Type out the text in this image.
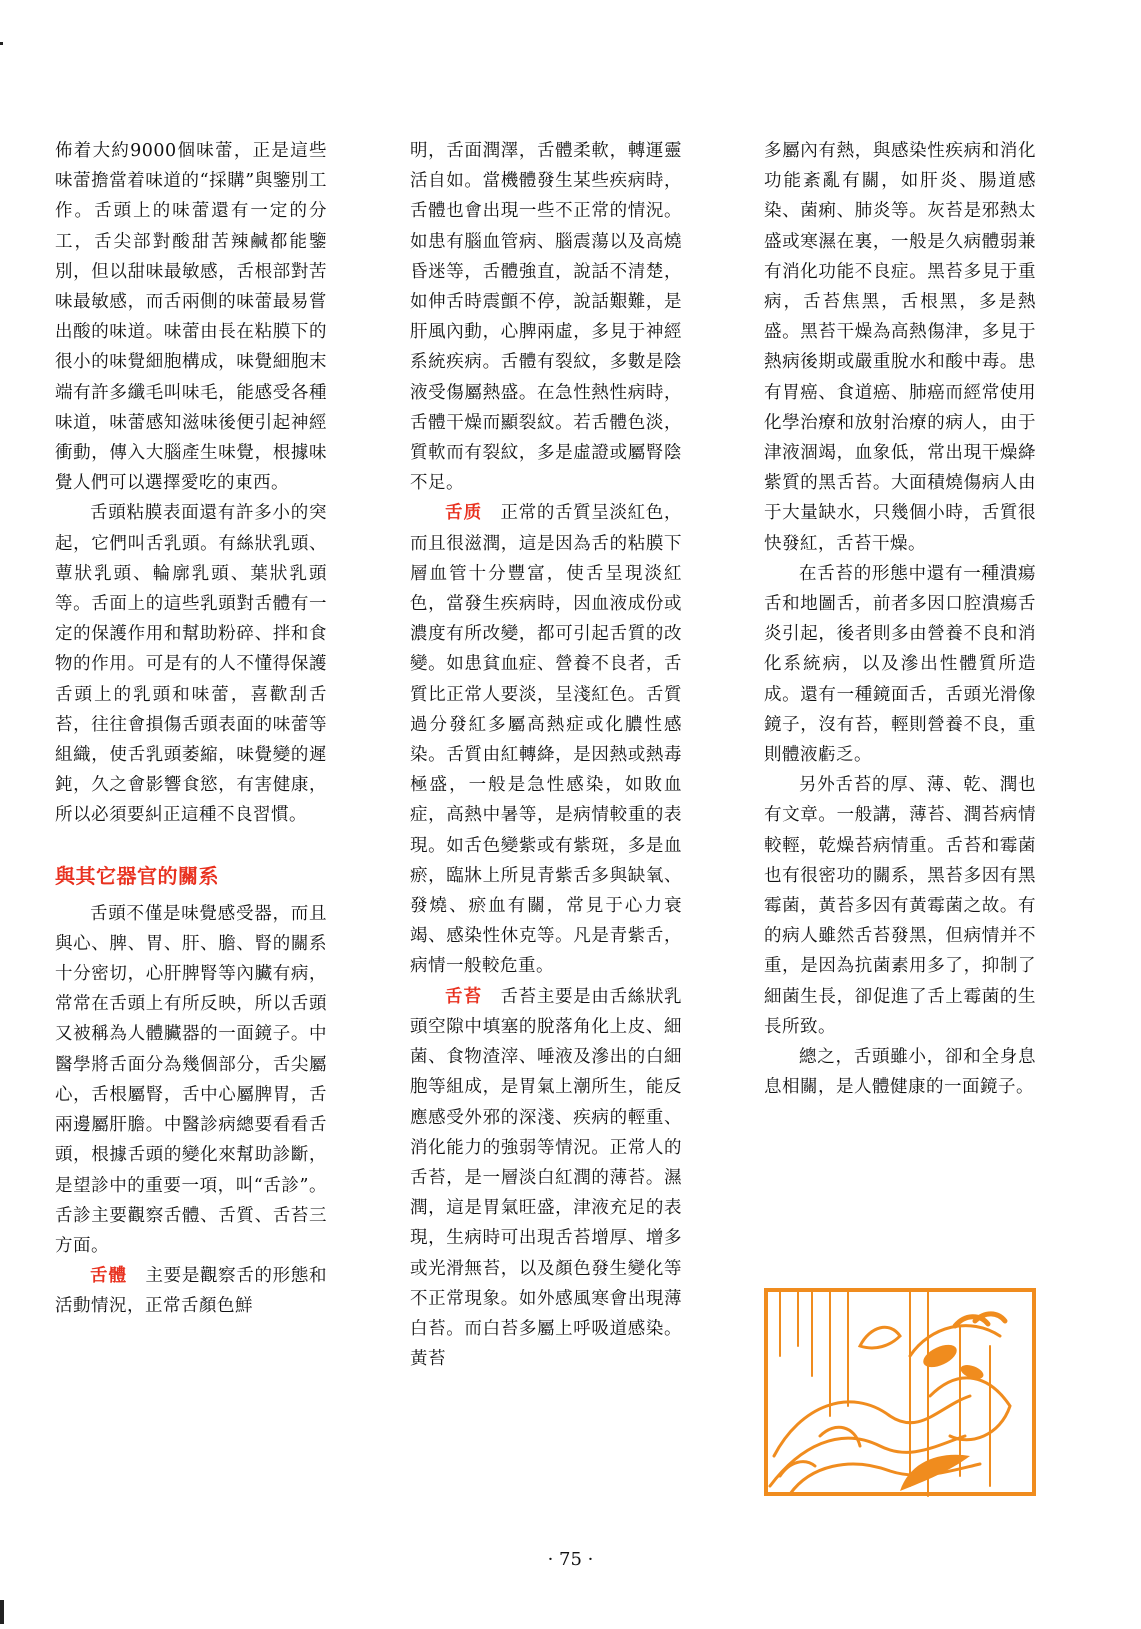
佈着大約9000個味蕾，正是這些味蕾擔當着味道的“採購”與鑒別工作。舌頭上的味蕾還有一定的分工，舌尖部對酸甜苦辣鹹都能鑒別，但以甜味最敏感，舌根部對苦味最敏感，而舌兩側的味蕾最易嘗出酸的味道。味蕾由長在粘膜下的很小的味覺細胞構成，味覺細胞末端有許多纖毛叫味毛，能感受各種味道，味蕾感知滋味後便引起神經衝動，傳入大腦產生味覺，根據味覺人們可以選擇愛吃的東西。

舌頭粘膜表面還有許多小的突起，它們叫舌乳頭。有絲狀乳頭、蕈狀乳頭、輪廓乳頭、葉狀乳頭等。舌面上的這些乳頭對舌體有一定的保護作用和幫助粉碎、拌和食物的作用。可是有的人不懂得保護舌頭上的乳頭和味蕾，喜歡刮舌苔，往往會損傷舌頭表面的味蕾等組織，使舌乳頭萎縮，味覺變的遲鈍，久之會影響食慾，有害健康，所以必須要糾正這種不良習慣。

與其它器官的關系

舌頭不僅是味覺感受器，而且與心、脾、胃、肝、膽、腎的關系十分密切，心肝脾腎等內臟有病，常常在舌頭上有所反映，所以舌頭又被稱為人體臟器的一面鏡子。中醫學將舌面分為幾個部分，舌尖屬心，舌根屬腎，舌中心屬脾胃，舌兩邊屬肝膽。中醫診病總要看看舌頭，根據舌頭的變化來幫助診斷，是望診中的重要一項，叫“舌診”。舌診主要觀察舌體、舌質、舌苔三方面。

舌體　 主要是觀察舌的形態和活動情況，正常舌顏色鮮

明，舌面潤澤，舌體柔軟，轉運靈活自如。當機體發生某些疾病時，舌體也會出現一些不正常的情況。如患有腦血管病、腦震蕩以及高燒昏迷等，舌體強直，說話不清楚，如伸舌時震顫不停，說話艱難，是肝風內動，心脾兩虛，多見于神經系統疾病。舌體有裂紋，多數是陰液受傷屬熱盛。在急性熱性病時，舌體干燥而顯裂紋。若舌體色淡，質軟而有裂紋，多是虛證或屬腎陰不足。

舌质　 正常的舌質呈淡紅色，而且很滋潤，這是因為舌的粘膜下層血管十分豐富，使舌呈現淡紅色，當發生疾病時，因血液成份或濃度有所改變，都可引起舌質的改變。如患貧血症、營養不良者，舌質比正常人要淡，呈淺紅色。舌質過分發紅多屬高熱症或化膿性感染。舌質由紅轉絳，是因熱或熱毒極盛，一般是急性感染，如敗血症，高熱中暑等，是病情較重的表現。如舌色變紫或有紫斑，多是血瘀，臨牀上所見青紫舌多與缺氧、發燒、瘀血有關，常見于心力衰竭、感染性休克等。凡是青紫舌，病情一般較危重。

舌苔　 舌苔主要是由舌絲狀乳頭空隙中填塞的脫落角化上皮、細菌、食物渣滓、唾液及滲出的白細胞等組成，是胃氣上潮所生，能反應感受外邪的深淺、疾病的輕重、消化能力的強弱等情況。正常人的舌苔，是一層淡白紅潤的薄苔。濕潤，這是胃氣旺盛，津液充足的表現，生病時可出現舌苔增厚、增多或光滑無苔，以及顏色發生變化等不正常現象。如外感風寒會出現薄白苔。而白苔多屬上呼吸道感染。黃苔

多屬內有熱，與感染性疾病和消化功能紊亂有關，如肝炎、腸道感染、菌痢、肺炎等。灰苔是邪熱太盛或寒濕在裏，一般是久病體弱兼有消化功能不良症。黑苔多見于重病，舌苔焦黑，舌根黑，多是熱盛。黑苔干燥為高熱傷津，多見于熱病後期或嚴重脫水和酸中毒。患有胃癌、食道癌、肺癌而經常使用化學治療和放射治療的病人，由于津液涸竭，血象低，常出現干燥絳紫質的黑舌苔。大面積燒傷病人由于大量缺水，只幾個小時，舌質很快發紅，舌苔干燥。

在舌苔的形態中還有一種潰瘍舌和地圖舌，前者多因口腔潰瘍舌炎引起，後者則多由營養不良和消化系統病，以及滲出性體質所造成。還有一種鏡面舌，舌頭光滑像鏡子，沒有苔，輕則營養不良，重則體液虧乏。

另外舌苔的厚、薄、乾、潤也有文章。一般講，薄苔、潤苔病情較輕，乾燥苔病情重。舌苔和霉菌也有很密功的關系，黑苔多因有黑霉菌，黃苔多因有黃霉菌之故。有的病人雖然舌苔發黑，但病情并不重，是因為抗菌素用多了，抑制了細菌生長，卻促進了舌上霉菌的生長所致。

總之，舌頭雖小，卻和全身息息相關，是人體健康的一面鏡子。

· 75 ·
